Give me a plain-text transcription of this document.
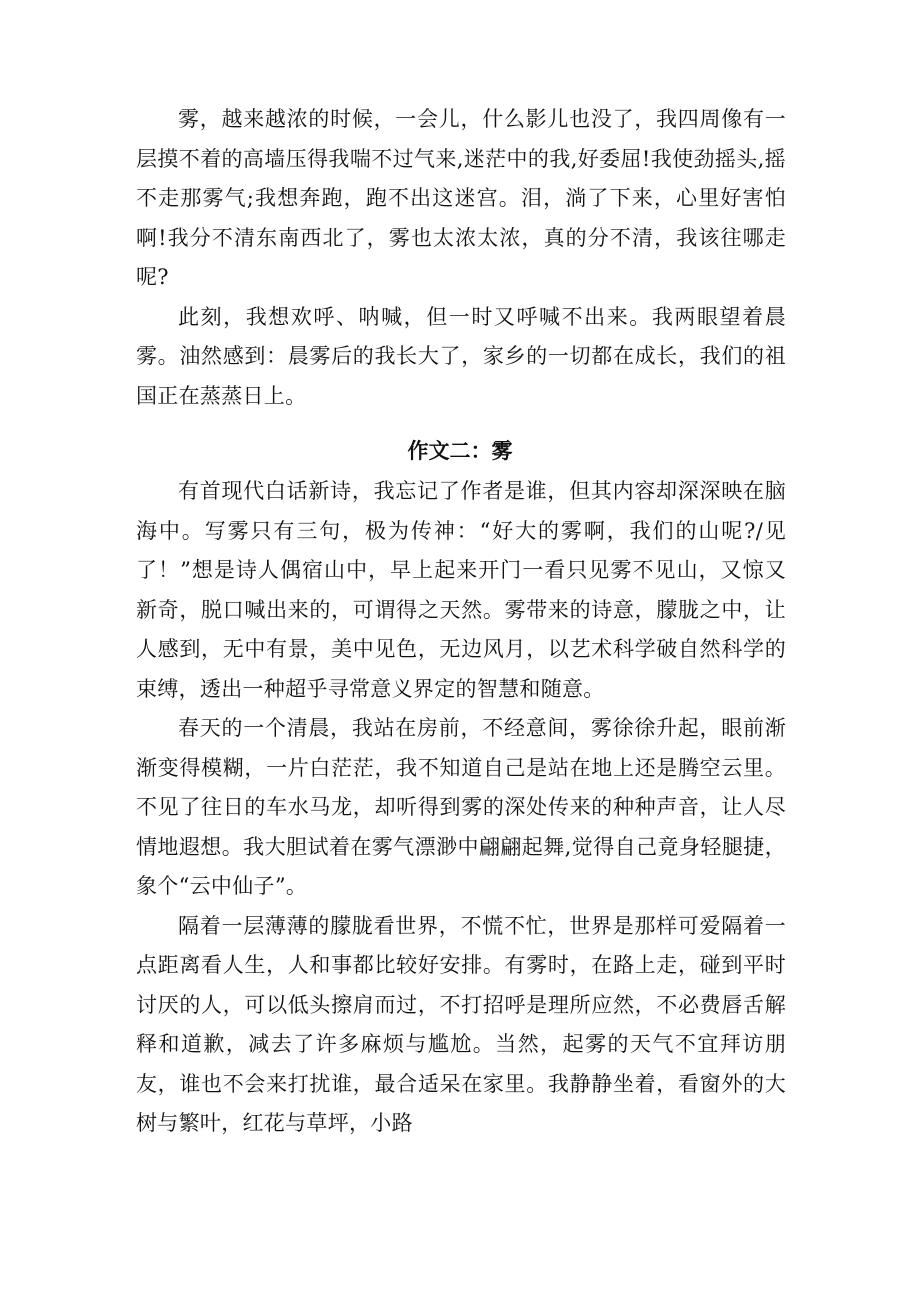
雾，越来越浓的时候，一会儿，什么影儿也没了，我四周像有一层摸不着的高墙压得我喘不过气来,迷茫中的我,好委屈!我使劲摇头,摇不走那雾气;我想奔跑，跑不出这迷宫。泪，淌了下来，心里好害怕啊!我分不清东南西北了，雾也太浓太浓，真的分不清，我该往哪走呢?

此刻，我想欢呼、呐喊，但一时又呼喊不出来。我两眼望着晨雾。油然感到：晨雾后的我长大了，家乡的一切都在成长，我们的祖国正在蒸蒸日上。

作文二：雾

有首现代白话新诗，我忘记了作者是谁，但其内容却深深映在脑海中。写雾只有三句，极为传神：“好大的雾啊，我们的山呢?/见了！”想是诗人偶宿山中，早上起来开门一看只见雾不见山，又惊又新奇，脱口喊出来的，可谓得之天然。雾带来的诗意，朦胧之中，让人感到，无中有景，美中见色，无边风月，以艺术科学破自然科学的束缚，透出一种超乎寻常意义界定的智慧和随意。

春天的一个清晨，我站在房前，不经意间，雾徐徐升起，眼前渐渐变得模糊，一片白茫茫，我不知道自己是站在地上还是腾空云里。不见了往日的车水马龙，却听得到雾的深处传来的种种声音，让人尽情地遐想。我大胆试着在雾气漂渺中翩翩起舞,觉得自己竟身轻腿捷，象个“云中仙子”。

隔着一层薄薄的朦胧看世界，不慌不忙，世界是那样可爱隔着一点距离看人生，人和事都比较好安排。有雾时，在路上走，碰到平时讨厌的人，可以低头擦肩而过，不打招呼是理所应然，不必费唇舌解释和道歉，减去了许多麻烦与尴尬。当然，起雾的天气不宜拜访朋友，谁也不会来打扰谁，最合适呆在家里。我静静坐着，看窗外的大树与繁叶，红花与草坪，小路
